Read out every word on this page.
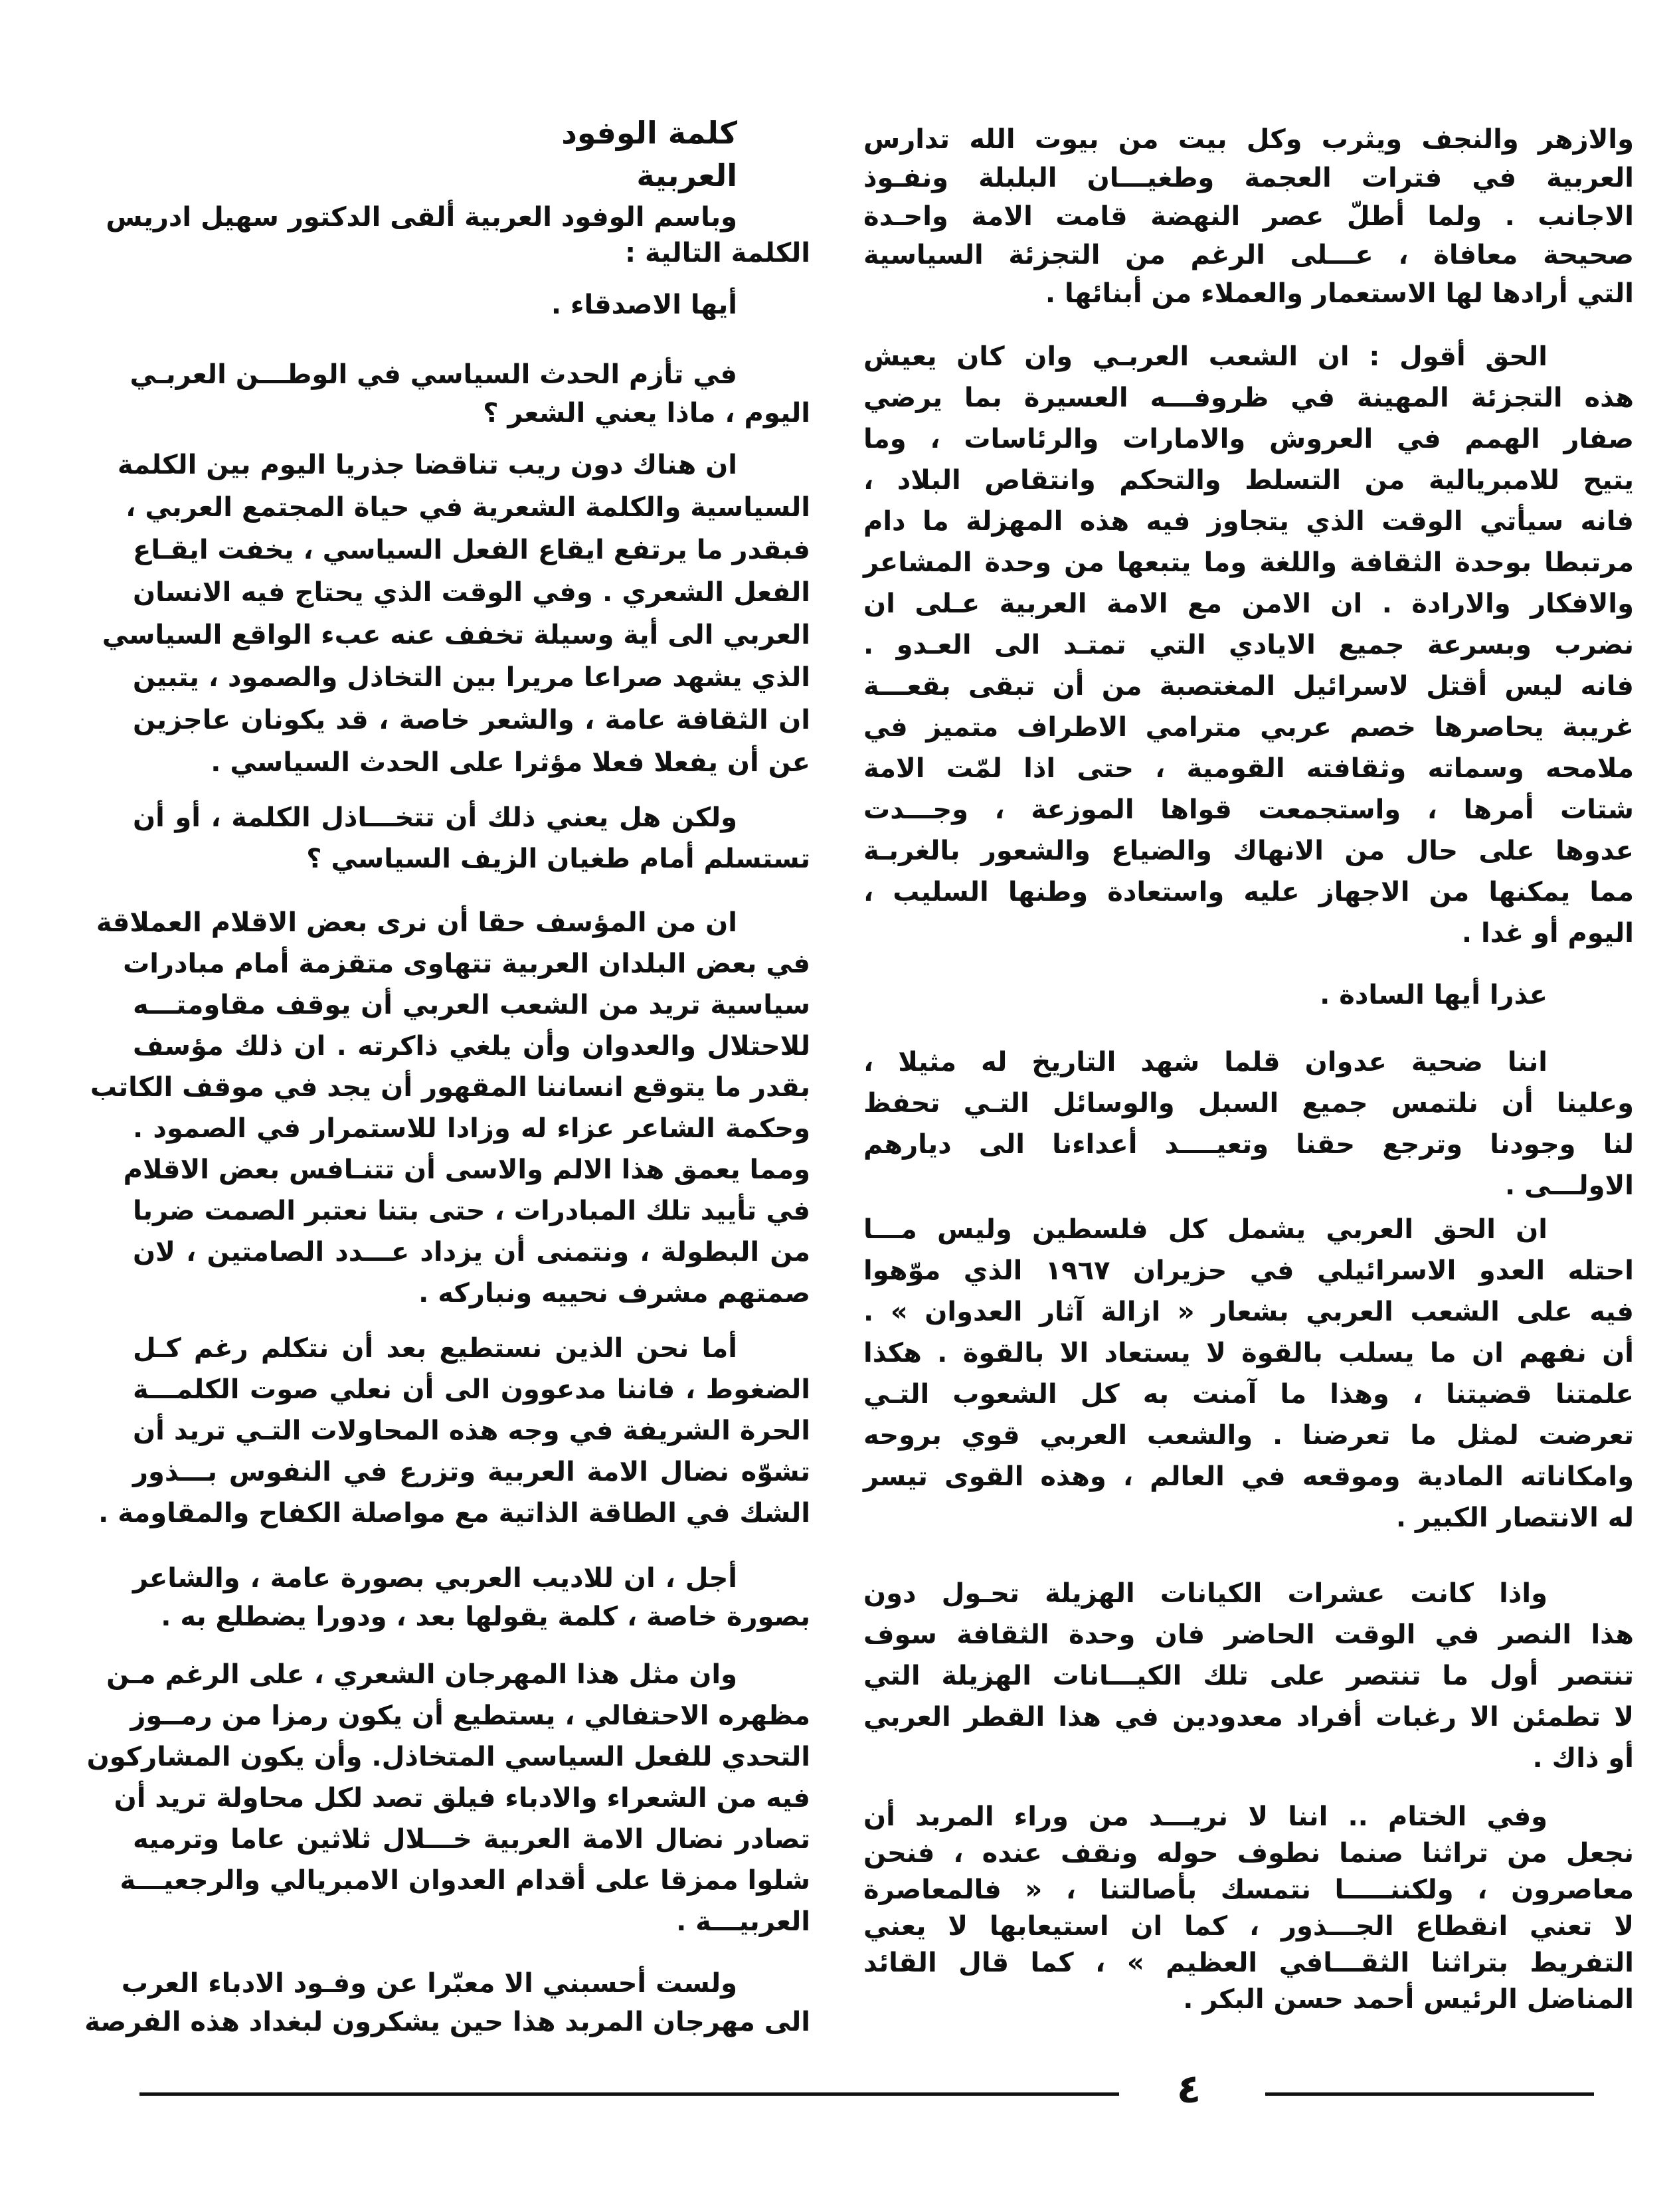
كلمة الوفود العربية
وباسم الوفود العربية ألقى الدكتور سهيل ادريس
الكلمة التالية :
أيها الاصدقاء .
في تأزم الحدث السياسي في الوطـــن العربـي
اليوم ، ماذا يعني الشعر ؟
ان هناك دون ريب تناقضا جذريا اليوم بين الكلمة
السياسية والكلمة الشعرية في حياة المجتمع العربي ،
فبقدر ما يرتفع ايقاع الفعل السياسي ، يخفت ايقـاع
الفعل الشعري . وفي الوقت الذي يحتاج فيه الانسان
العربي الى أية وسيلة تخفف عنه عبء الواقع السياسي
الذي يشهد صراعا مريرا بين التخاذل والصمود ، يتبين
ان الثقافة عامة ، والشعر خاصة ، قد يكونان عاجزين
عن أن يفعلا فعلا مؤثرا على الحدث السياسي .
ولكن هل يعني ذلك أن تتخـــاذل الكلمة ، أو أن
تستسلم أمام طغيان الزيف السياسي ؟
ان من المؤسف حقا أن نرى بعض الاقلام العملاقة
في بعض البلدان العربية تتهاوى متقزمة أمام مبادرات
سياسية تريد من الشعب العربي أن يوقف مقاومتـــه
للاحتلال والعدوان وأن يلغي ذاكرته . ان ذلك مؤسف
بقدر ما يتوقع انساننا المقهور أن يجد في موقف الكاتب
وحكمة الشاعر عزاء له وزادا للاستمرار في الصمود .
ومما يعمق هذا الالم والاسى أن تتنـافس بعض الاقلام
في تأييد تلك المبادرات ، حتى بتنا نعتبر الصمت ضربا
من البطولة ، ونتمنى أن يزداد عـــدد الصامتين ، لان
صمتهم مشرف نحييه ونباركه .
أما نحن الذين نستطيع بعد أن نتكلم رغم كـل
الضغوط ، فاننا مدعوون الى أن نعلي صوت الكلمـــة
الحرة الشريفة في وجه هذه المحاولات التـي تريد أن
تشوّه نضال الامة العربية وتزرع في النفوس بـــذور
الشك في الطاقة الذاتية مع مواصلة الكفاح والمقاومة .
أجل ، ان للاديب العربي بصورة عامة ، والشاعر
بصورة خاصة ، كلمة يقولها بعد ، ودورا يضطلع به .
وان مثل هذا المهرجان الشعري ، على الرغم مـن
مظهره الاحتفالي ، يستطيع أن يكون رمزا من رمــوز
التحدي للفعل السياسي المتخاذل. وأن يكون المشاركون
فيه من الشعراء والادباء فيلق تصد لكل محاولة تريد أن
تصادر نضال الامة العربية خـــلال ثلاثين عاما وترميه
شلوا ممزقا على أقدام العدوان الامبريالي والرجعيـــة
العربيـــة .
ولست أحسبني الا معبّرا عن وفـود الادباء العرب
الى مهرجان المربد هذا حين يشكرون لبغداد هذه الفرصة
والازهر والنجف ويثرب وكل بيت من بيوت الله تدارس
العربية في فترات العجمة وطغيـــان البلبلة ونفـوذ
الاجانب . ولما أطلّ عصر النهضة قامت الامة واحـدة
صحيحة معافاة ، عـــلى الرغم من التجزئة السياسية
التي أرادها لها الاستعمار والعملاء من أبنائها .
الحق أقول : ان الشعب العربـي وان كان يعيش
هذه التجزئة المهينة في ظروفـــه العسيرة بما يرضي
صفار الهمم في العروش والامارات والرئاسات ، وما
يتيح للامبريالية من التسلط والتحكم وانتقاص البلاد ،
فانه سيأتي الوقت الذي يتجاوز فيه هذه المهزلة ما دام
مرتبطا بوحدة الثقافة واللغة وما يتبعها من وحدة المشاعر
والافكار والارادة . ان الامن مع الامة العربية عـلى ان
نضرب وبسرعة جميع الايادي التي تمتـد الى العـدو .
فانه ليس أقتل لاسرائيل المغتصبة من أن تبقى بقعـــة
غريبة يحاصرها خصم عربي مترامي الاطراف متميز في
ملامحه وسماته وثقافته القومية ، حتى اذا لمّت الامة
شتات أمرها ، واستجمعت قواها الموزعة ، وجـــدت
عدوها على حال من الانهاك والضياع والشعور بالغربـة
مما يمكنها من الاجهاز عليه واستعادة وطنها السليب ،
اليوم أو غدا .
عذرا أيها السادة .
اننا ضحية عدوان قلما شهد التاريخ له مثيلا ،
وعلينا أن نلتمس جميع السبل والوسائل التـي تحفظ
لنا وجودنا وترجع حقنا وتعيــــد أعداءنا الى ديارهم
الاولـــى .
ان الحق العربي يشمل كل فلسطين وليس مـــا
احتله العدو الاسرائيلي في حزيران ١٩٦٧ الذي موّهوا
فيه على الشعب العربي بشعار « ازالة آثار العدوان » .
أن نفهم ان ما يسلب بالقوة لا يستعاد الا بالقوة . هكذا
علمتنا قضيتنا ، وهذا ما آمنت به كل الشعوب التـي
تعرضت لمثل ما تعرضنا . والشعب العربي قوي بروحه
وامكاناته المادية وموقعه في العالم ، وهذه القوى تيسر
له الانتصار الكبير .
واذا كانت عشرات الكيانات الهزيلة تحـول دون
هذا النصر في الوقت الحاضر فان وحدة الثقافة سوف
تنتصر أول ما تنتصر على تلك الكيـــانات الهزيلة التي
لا تطمئن الا رغبات أفراد معدودين في هذا القطر العربي
أو ذاك .
وفي الختام .. اننا لا نريـــد من وراء المربد أن
نجعل من تراثنا صنما نطوف حوله ونقف عنده ، فنحن
معاصرون ، ولكننـــــا نتمسك بأصالتنا ، « فالمعاصرة
لا تعني انقطاع الجـــذور ، كما ان استيعابها لا يعني
التفريط بتراثنا الثقـــافي العظيم » ، كما قال القائد
المناضل الرئيس أحمد حسن البكر .
٤
